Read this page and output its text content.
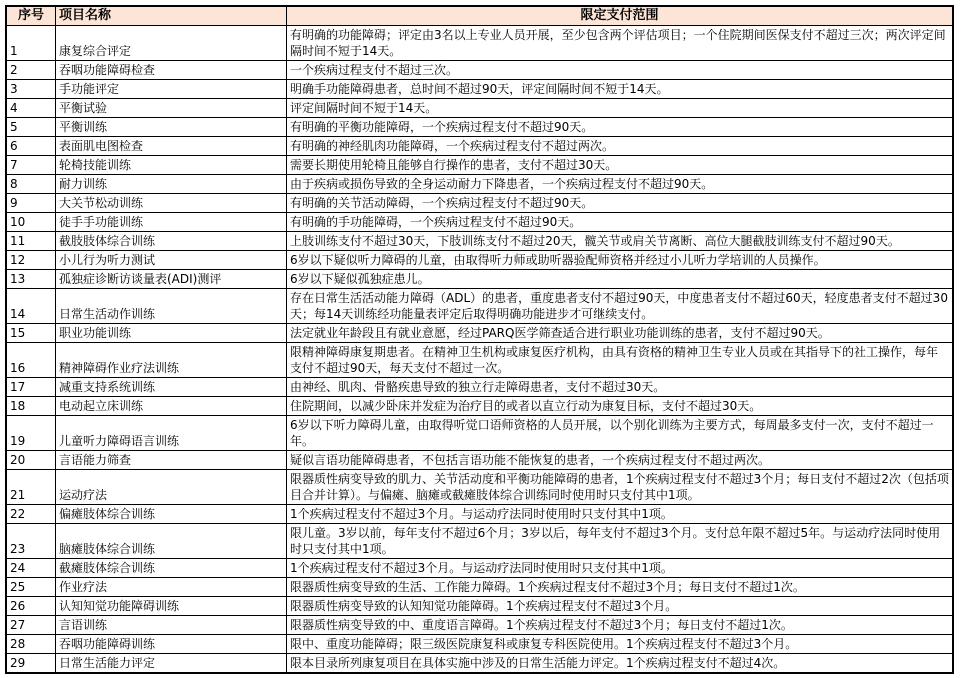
序号	项目名称	限定支付范围
1	康复综合评定	有明确的功能障碍；评定由3名以上专业人员开展，至少包含两个评估项目；一个住院期间医保支付不超过三次；两次评定间隔时间不短于14天。
2	吞咽功能障碍检查	一个疾病过程支付不超过三次。
3	手功能评定	明确手功能障碍患者，总时间不超过90天，评定间隔时间不短于14天。
4	平衡试验	评定间隔时间不短于14天。
5	平衡训练	有明确的平衡功能障碍，一个疾病过程支付不超过90天。
6	表面肌电图检查	有明确的神经肌肉功能障碍，一个疾病过程支付不超过两次。
7	轮椅技能训练	需要长期使用轮椅且能够自行操作的患者，支付不超过30天。
8	耐力训练	由于疾病或损伤导致的全身运动耐力下降患者，一个疾病过程支付不超过90天。
9	大关节松动训练	有明确的关节活动障碍，一个疾病过程支付不超过90天。
10	徒手手功能训练	有明确的手功能障碍，一个疾病过程支付不超过90天。
11	截肢肢体综合训练	上肢训练支付不超过30天，下肢训练支付不超过20天，髋关节或肩关节离断、高位大腿截肢训练支付不超过90天。
12	小儿行为听力测试	6岁以下疑似听力障碍的儿童，由取得听力师或助听器验配师资格并经过小儿听力学培训的人员操作。
13	孤独症诊断访谈量表(ADI)测评	6岁以下疑似孤独症患儿。
14	日常生活动作训练	存在日常生活活动能力障碍（ADL）的患者，重度患者支付不超过90天，中度患者支付不超过60天，轻度患者支付不超过30天；每14天训练经功能量表评定后取得明确功能进步才可继续支付。
15	职业功能训练	法定就业年龄段且有就业意愿，经过PARQ医学筛查适合进行职业功能训练的患者，支付不超过90天。
16	精神障碍作业疗法训练	限精神障碍康复期患者。在精神卫生机构或康复医疗机构，由具有资格的精神卫生专业人员或在其指导下的社工操作，每年支付不超过90天，每天支付不超过一次。
17	减重支持系统训练	由神经、肌肉、骨骼疾患导致的独立行走障碍患者，支付不超过30天。
18	电动起立床训练	住院期间，以减少卧床并发症为治疗目的或者以直立行动为康复目标，支付不超过30天。
19	儿童听力障碍语言训练	6岁以下听力障碍儿童，由取得听觉口语师资格的人员开展，以个别化训练为主要方式，每周最多支付一次，支付不超过一年。
20	言语能力筛查	疑似言语功能障碍患者，不包括言语功能不能恢复的患者，一个疾病过程支付不超过两次。
21	运动疗法	限器质性病变导致的肌力、关节活动度和平衡功能障碍的患者，1个疾病过程支付不超过3个月；每日支付不超过2次（包括项目合并计算）。与偏瘫、脑瘫或截瘫肢体综合训练同时使用时只支付其中1项。
22	偏瘫肢体综合训练	1个疾病过程支付不超过3个月。与运动疗法同时使用时只支付其中1项。
23	脑瘫肢体综合训练	限儿童。3岁以前，每年支付不超过6个月；3岁以后，每年支付不超过3个月。支付总年限不超过5年。与运动疗法同时使用时只支付其中1项。
24	截瘫肢体综合训练	1个疾病过程支付不超过3个月。与运动疗法同时使用时只支付其中1项。
25	作业疗法	限器质性病变导致的生活、工作能力障碍。1个疾病过程支付不超过3个月；每日支付不超过1次。
26	认知知觉功能障碍训练	限器质性病变导致的认知知觉功能障碍。1个疾病过程支付不超过3个月。
27	言语训练	限器质性病变导致的中、重度语言障碍。1个疾病过程支付不超过3个月；每日支付不超过1次。
28	吞咽功能障碍训练	限中、重度功能障碍；限三级医院康复科或康复专科医院使用。1个疾病过程支付不超过3个月。
29	日常生活能力评定	限本目录所列康复项目在具体实施中涉及的日常生活能力评定。1个疾病过程支付不超过4次。
